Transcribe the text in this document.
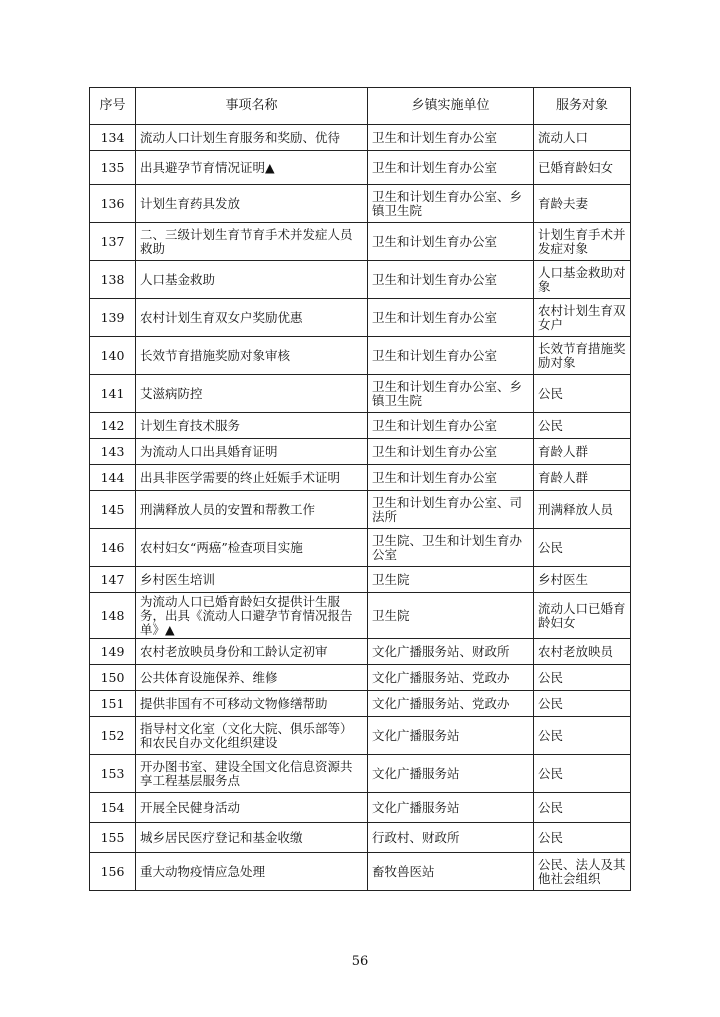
序号	事项名称	乡镇实施单位	服务对象
134	流动人口计划生育服务和奖励、优待	卫生和计划生育办公室	流动人口
135	出具避孕节育情况证明▲	卫生和计划生育办公室	已婚育龄妇女
136	计划生育药具发放	卫生和计划生育办公室、乡镇卫生院	育龄夫妻
137	二、三级计划生育节育手术并发症人员救助	卫生和计划生育办公室	计划生育手术并发症对象
138	人口基金救助	卫生和计划生育办公室	人口基金救助对象
139	农村计划生育双女户奖励优惠	卫生和计划生育办公室	农村计划生育双女户
140	长效节育措施奖励对象审核	卫生和计划生育办公室	长效节育措施奖励对象
141	艾滋病防控	卫生和计划生育办公室、乡镇卫生院	公民
142	计划生育技术服务	卫生和计划生育办公室	公民
143	为流动人口出具婚育证明	卫生和计划生育办公室	育龄人群
144	出具非医学需要的终止妊娠手术证明	卫生和计划生育办公室	育龄人群
145	刑满释放人员的安置和帮教工作	卫生和计划生育办公室、司法所	刑满释放人员
146	农村妇女“两癌”检查项目实施	卫生院、卫生和计划生育办公室	公民
147	乡村医生培训	卫生院	乡村医生
148	为流动人口已婚育龄妇女提供计生服务，出具《流动人口避孕节育情况报告单》▲	卫生院	流动人口已婚育龄妇女
149	农村老放映员身份和工龄认定初审	文化广播服务站、财政所	农村老放映员
150	公共体育设施保养、维修	文化广播服务站、党政办	公民
151	提供非国有不可移动文物修缮帮助	文化广播服务站、党政办	公民
152	指导村文化室（文化大院、俱乐部等）和农民自办文化组织建设	文化广播服务站	公民
153	开办图书室、建设全国文化信息资源共享工程基层服务点	文化广播服务站	公民
154	开展全民健身活动	文化广播服务站	公民
155	城乡居民医疗登记和基金收缴	行政村、财政所	公民
156	重大动物疫情应急处理	畜牧兽医站	公民、法人及其他社会组织
56
